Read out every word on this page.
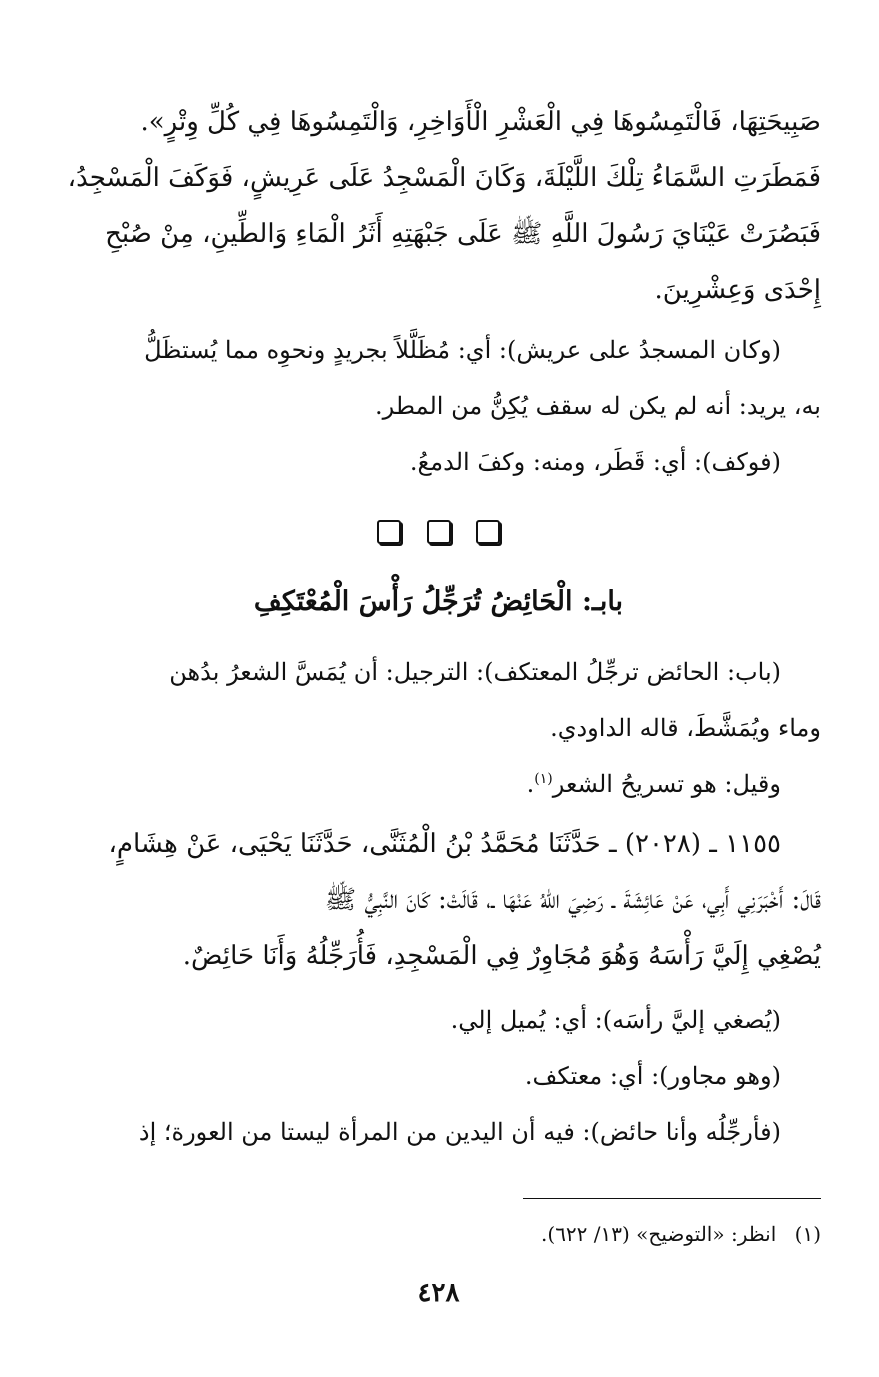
صَبِيحَتِهَا، فَالْتَمِسُوهَا فِي الْعَشْرِ الْأَوَاخِرِ، وَالْتَمِسُوهَا فِي كُلِّ وِتْرٍ».
فَمَطَرَتِ السَّمَاءُ تِلْكَ اللَّيْلَةَ، وَكَانَ الْمَسْجِدُ عَلَى عَرِيشٍ، فَوَكَفَ الْمَسْجِدُ،
فَبَصُرَتْ عَيْنَايَ رَسُولَ اللَّهِ ﷺ عَلَى جَبْهَتِهِ أَثَرُ الْمَاءِ وَالطِّينِ، مِنْ صُبْحِ
إِحْدَى وَعِشْرِينَ.
(وكان المسجدُ على عريش): أي: مُظَلَّلاً بجريدٍ ونحوِه مما يُستظَلُّ
به، يريد: أنه لم يكن له سقف يُكِنُّ من المطر.
(فوكف): أي: قَطَر، ومنه: وكفَ الدمعُ.

بابـ: الْحَائِضُ تُرَجِّلُ رَأْسَ الْمُعْتَكِفِ
(باب: الحائض ترجِّلُ المعتكف): الترجيل: أن يُمَسَّ الشعرُ بدُهن
وماء ويُمَشَّطَ، قاله الداودي.
وقيل: هو تسريحُ الشعر$^{(١)}$.
١١٥٥ ـ (٢٠٢٨) ـ حَدَّثَنَا مُحَمَّدُ بْنُ الْمُثَنَّى، حَدَّثَنَا يَحْيَى، عَنْ هِشَامٍ،
قَالَ: أَخْبَرَنِي أَبِي، عَنْ عَائِشَةَ ـ رَضِيَ اللهُ عَنْهَا ـ، قَالَتْ: كَانَ النَّبِيُّ ﷺ
يُصْغِي إِلَيَّ رَأْسَهُ وَهُوَ مُجَاوِرٌ فِي الْمَسْجِدِ، فَأُرَجِّلُهُ وَأَنَا حَائِضٌ.
(يُصغي إليَّ رأسَه): أي: يُميل إلي.
(وهو مجاور): أي: معتكف.
(فأرجِّلُه وأنا حائض): فيه أن اليدين من المرأة ليستا من العورة؛ إذ
(١) انظر: «التوضيح» (١٣/ ٦٢٢).
٤٢٨
